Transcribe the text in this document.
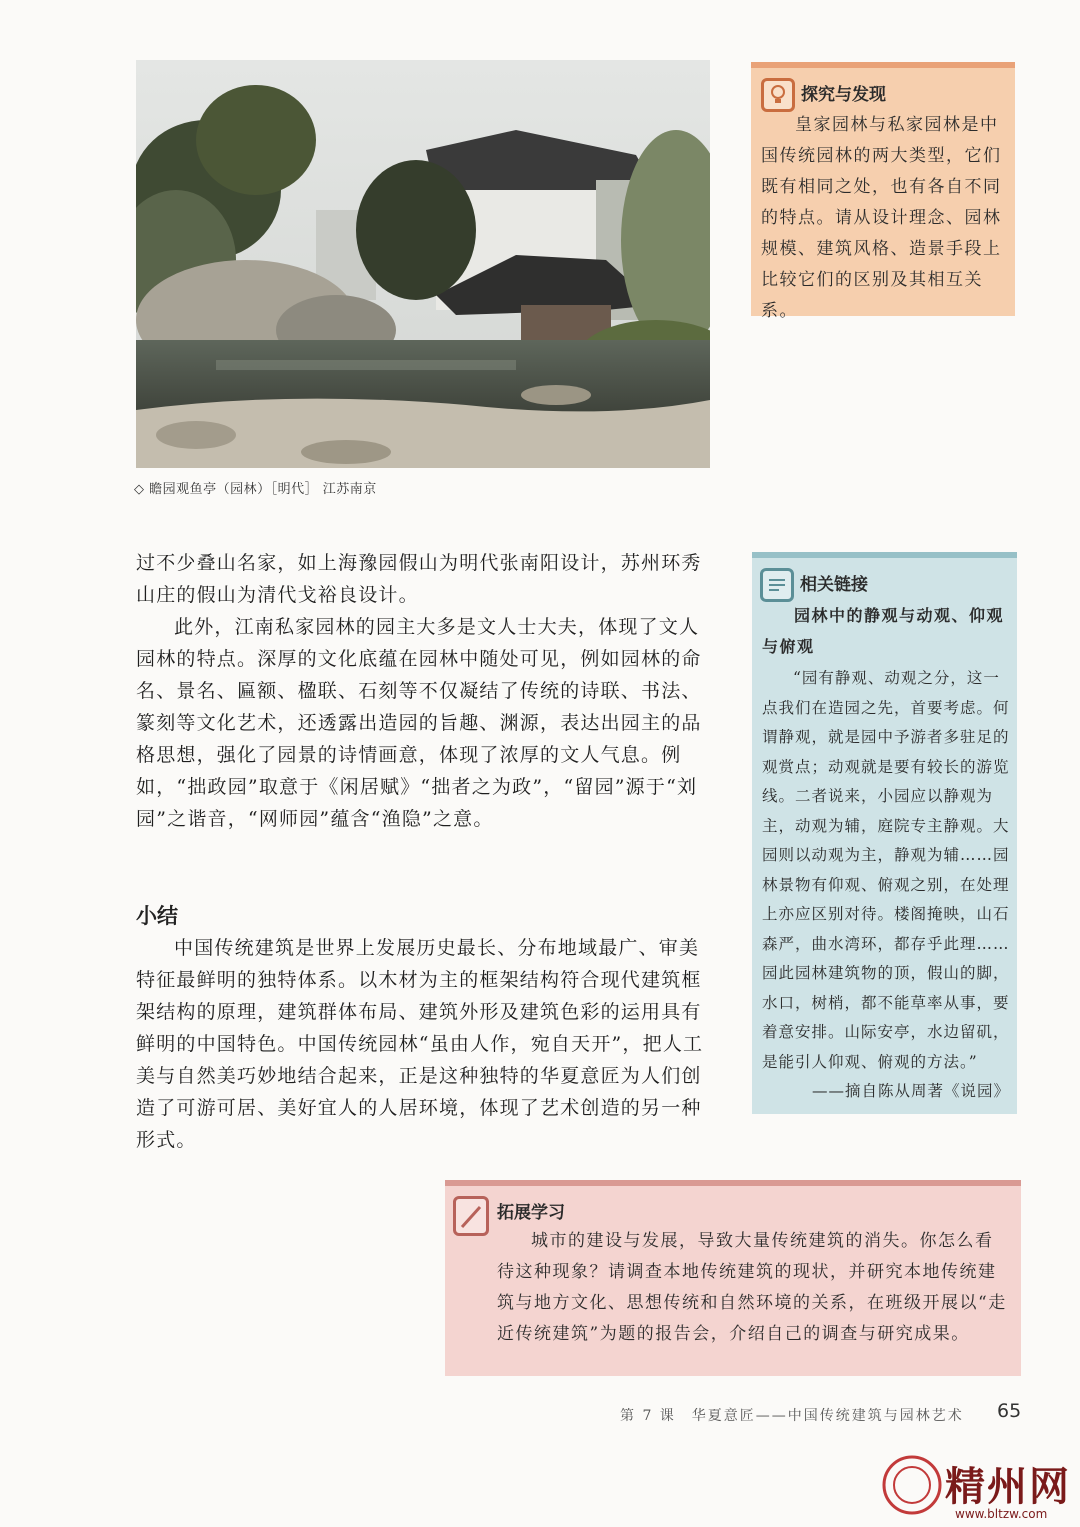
◇ 瞻园观鱼亭（园林）［明代］ 江苏南京
探究与发现

皇家园林与私家园林是中国传统园林的两大类型，它们既有相同之处，也有各自不同的特点。请从设计理念、园林规模、建筑风格、造景手段上比较它们的区别及其相互关系。

过不少叠山名家，如上海豫园假山为明代张南阳设计，苏州环秀山庄的假山为清代戈裕良设计。

此外，江南私家园林的园主大多是文人士大夫，体现了文人园林的特点。深厚的文化底蕴在园林中随处可见，例如园林的命名、景名、匾额、楹联、石刻等不仅凝结了传统的诗联、书法、篆刻等文化艺术，还透露出造园的旨趣、渊源，表达出园主的品格思想，强化了园景的诗情画意，体现了浓厚的文人气息。例如，“拙政园”取意于《闲居赋》“拙者之为政”，“留园”源于“刘园”之谐音，“网师园”蕴含“渔隐”之意。

小结

中国传统建筑是世界上发展历史最长、分布地域最广、审美特征最鲜明的独特体系。以木材为主的框架结构符合现代建筑框架结构的原理，建筑群体布局、建筑外形及建筑色彩的运用具有鲜明的中国特色。中国传统园林“虽由人作，宛自天开”，把人工美与自然美巧妙地结合起来，正是这种独特的华夏意匠为人们创造了可游可居、美好宜人的人居环境，体现了艺术创造的另一种形式。

相关链接

园林中的静观与动观、仰观与俯观

“园有静观、动观之分，这一点我们在造园之先，首要考虑。何谓静观，就是园中予游者多驻足的观赏点；动观就是要有较长的游览线。二者说来，小园应以静观为主，动观为辅，庭院专主静观。大园则以动观为主，静观为辅……园林景物有仰观、俯观之别，在处理上亦应区别对待。楼阁掩映，山石森严，曲水湾环，都存乎此理……园此园林建筑物的顶，假山的脚，水口，树梢，都不能草率从事，要着意安排。山际安亭，水边留矶，是能引人仰观、俯观的方法。”

——摘自陈从周著《说园》

拓展学习

城市的建设与发展，导致大量传统建筑的消失。你怎么看待这种现象？请调查本地传统建筑的现状，并研究本地传统建筑与地方文化、思想传统和自然环境的关系，在班级开展以“走近传统建筑”为题的报告会，介绍自己的调查与研究成果。

第 7 课　华夏意匠——中国传统建筑与园林艺术 65
精州网
www.bltzw.com
